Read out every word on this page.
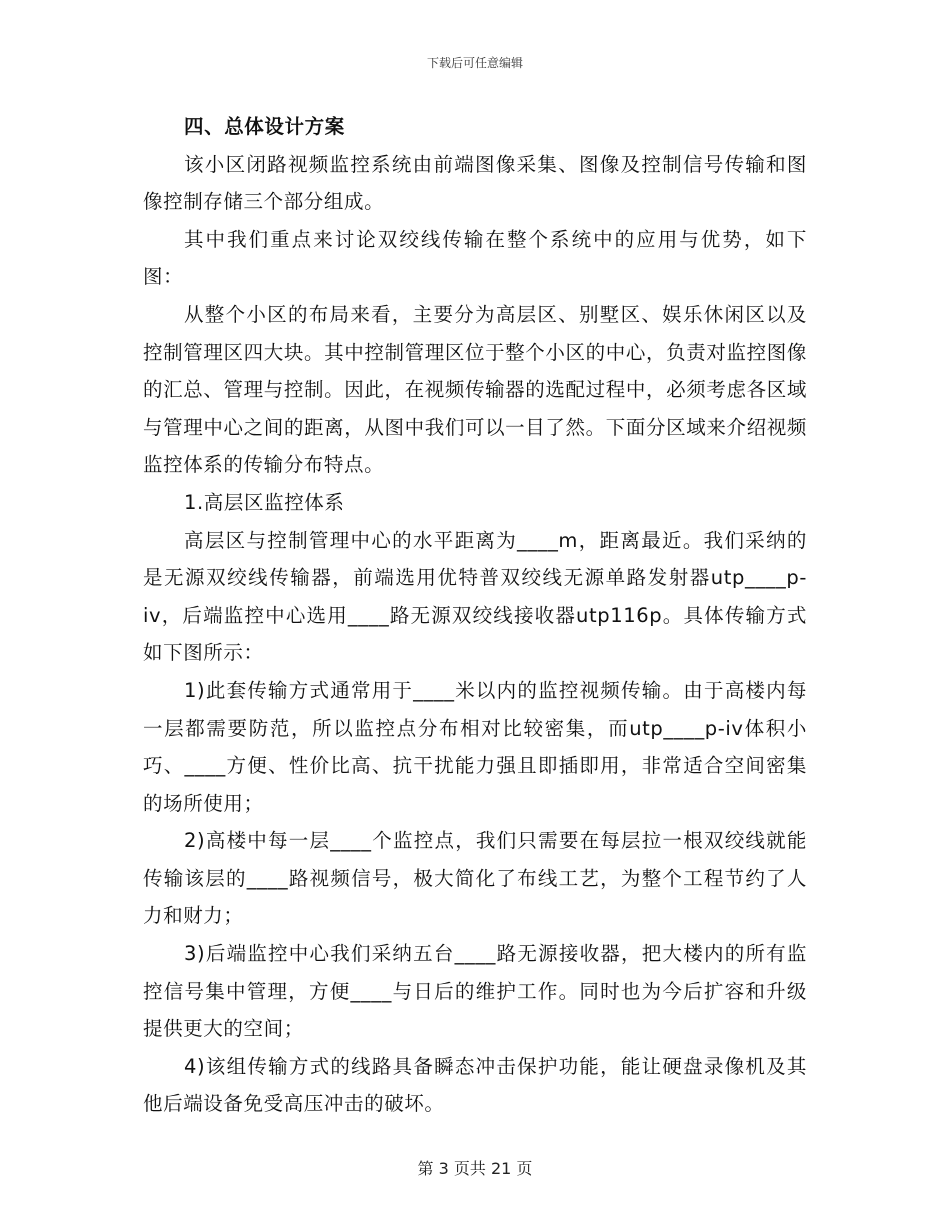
下载后可任意编辑

四、总体设计方案

该小区闭路视频监控系统由前端图像采集、图像及控制信号传输和图像控制存储三个部分组成。

其中我们重点来讨论双绞线传输在整个系统中的应用与优势，如下图：

从整个小区的布局来看，主要分为高层区、别墅区、娱乐休闲区以及控制管理区四大块。其中控制管理区位于整个小区的中心，负责对监控图像的汇总、管理与控制。因此，在视频传输器的选配过程中，必须考虑各区域与管理中心之间的距离，从图中我们可以一目了然。下面分区域来介绍视频监控体系的传输分布特点。

1.高层区监控体系

高层区与控制管理中心的水平距离为____m，距离最近。我们采纳的是无源双绞线传输器，前端选用优特普双绞线无源单路发射器utp____p-iv，后端监控中心选用____路无源双绞线接收器utp116p。具体传输方式如下图所示：

1)此套传输方式通常用于____米以内的监控视频传输。由于高楼内每一层都需要防范，所以监控点分布相对比较密集，而utp____p-iv体积小巧、____方便、性价比高、抗干扰能力强且即插即用，非常适合空间密集的场所使用；

2)高楼中每一层____个监控点，我们只需要在每层拉一根双绞线就能传输该层的____路视频信号，极大简化了布线工艺，为整个工程节约了人力和财力；

3)后端监控中心我们采纳五台____路无源接收器，把大楼内的所有监控信号集中管理，方便____与日后的维护工作。同时也为今后扩容和升级提供更大的空间；

4)该组传输方式的线路具备瞬态冲击保护功能，能让硬盘录像机及其他后端设备免受高压冲击的破坏。

第 3 页共 21 页
